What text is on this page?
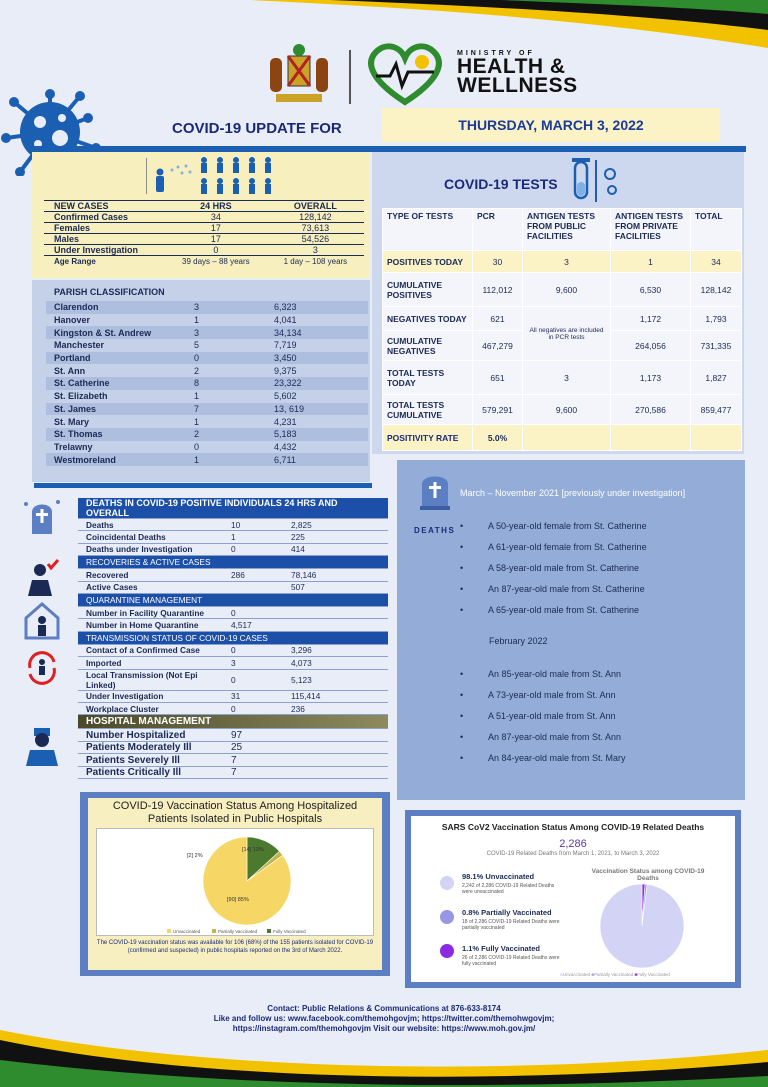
MINISTRY OF
HEALTH &
WELLNESS
COVID-19 UPDATE FOR	THURSDAY, MARCH 3, 2022
NEW CASES	24 HRS	OVERALL
Confirmed Cases	34	128,142
Females	17	73,613
Males	17	54,526
Under Investigation	0	3
Age Range	39 days – 88 years	1 day – 108 years
PARISH CLASSIFICATION
Clarendon	3	6,323
Hanover	1	4,041
Kingston & St. Andrew	3	34,134
Manchester	5	7,719
Portland	0	3,450
St. Ann	2	9,375
St. Catherine	8	23,322
St. Elizabeth	1	5,602
St. James	7	13, 619
St. Mary	1	4,231
St. Thomas	2	5,183
Trelawny	0	4,432
Westmoreland	1	6,711
COVID-19 TESTS
TYPE OF TESTS	PCR	ANTIGEN TESTS FROM PUBLIC FACILITIES	ANTIGEN TESTS FROM PRIVATE FACILITIES	TOTAL
POSITIVES TODAY	30	3	1	34
CUMULATIVE POSITIVES	112,012	9,600	6,530	128,142
NEGATIVES TODAY	621	All negatives are included in PCR tests	1,172	1,793
CUMULATIVE NEGATIVES	467,279		264,056	731,335
TOTAL TESTS TODAY	651	3	1,173	1,827
TOTAL TESTS CUMULATIVE	579,291	9,600	270,586	859,477
POSITIVITY RATE	5.0%			
DEATHS
March – November 2021 [previously under investigation]
• A 50-year-old female from St. Catherine
• A 61-year-old female from St. Catherine
• A 58-year-old male from St. Catherine
• An 87-year-old male from St. Catherine
• A 65-year-old male from St. Catherine
February 2022
• An 85-year-old male from St. Ann
• A 73-year-old male from St. Ann
• A 51-year-old male from St. Ann
• An 87-year-old male from St. Ann
• An 84-year-old male from St. Mary
DEATHS IN COVID-19 POSITIVE INDIVIDUALS 24 HRS AND OVERALL		
Deaths	10	2,825
Coincidental Deaths	1	225
Deaths under Investigation	0	414
RECOVERIES & ACTIVE CASES		
Recovered	286	78,146
Active Cases		507
QUARANTINE MANAGEMENT		
Number in Facility Quarantine	0	
Number in Home Quarantine	4,517	
TRANSMISSION STATUS OF COVID-19 CASES		
Contact of a Confirmed Case	0	3,296
Imported	3	4,073
Local Transmission (Not Epi Linked)	0	5,123
Under Investigation	31	115,414
Workplace Cluster	0	236
HOSPITAL MANAGEMENT		
Number Hospitalized	97	
Patients Moderately Ill	25	
Patients Severely Ill	7	
Patients Critically Ill	7	
COVID-19 Vaccination Status Among Hospitalized Patients Isolated in Public Hospitals
[2] 2%
[14] 13%
[90] 85%
Unvaccinated	Partially Vaccinated	Fully Vaccinated
The COVID-19 vaccination status was available for 106 (68%) of the 155 patients isolated for COVID-19 (confirmed and suspected) in public hospitals reported on the 3rd of March 2022.
SARS CoV2 Vaccination Status Among COVID-19 Related Deaths
2,286
COVID-19 Related Deaths from March 1, 2021, to March 3, 2022
98.1% Unvaccinated
2,242 of 2,286 COVID-19 Related Deaths were unvaccinated
0.8% Partially Vaccinated
18 of 2,286 COVID-19 Related Deaths were partially vaccinated
1.1% Fully Vaccinated
26 of 2,286 COVID-19 Related Deaths were fully vaccinated
Vaccination Status among COVID-19 Deaths
■Unvaccinated ■Partially Vaccinated ■Fully Vaccinated
Contact: Public Relations & Communications at 876-633-8174
Like and follow us: www.facebook.com/themohgovjm; https://twitter.com/themohwgovjm;
https://instagram.com/themohgovjm Visit our website: https://www.moh.gov.jm/
